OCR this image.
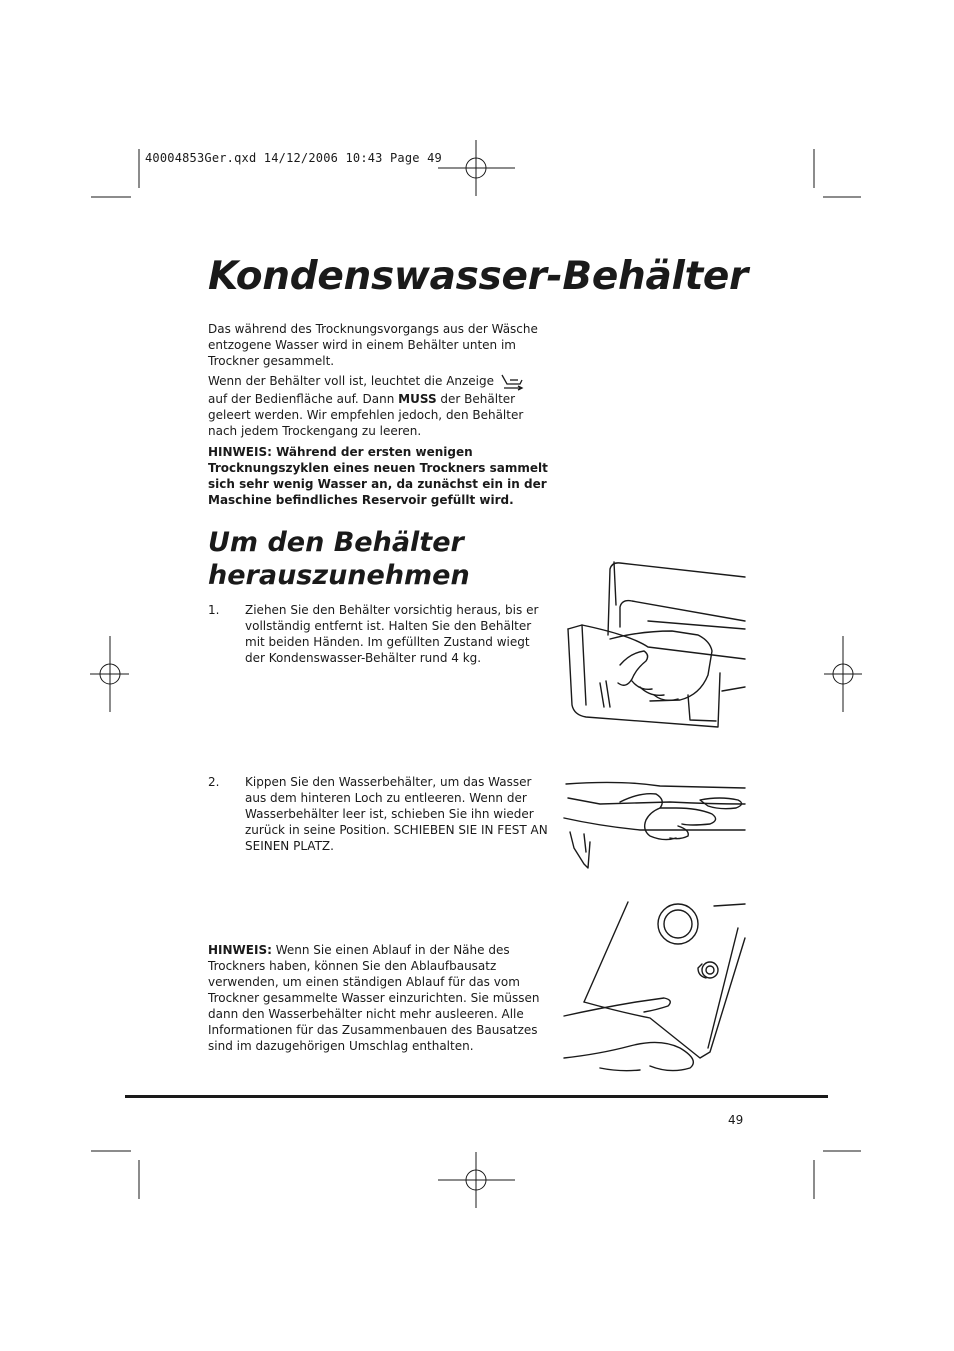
40004853Ger.qxd 14/12/2006 10:43 Page 49
Kondenswasser-Behälter

Das während des Trocknungsvorgangs aus der Wäsche entzogene Wasser wird in einem Behälter unten im Trockner gesammelt.

Wenn der Behälter voll ist, leuchtet die Anzeige

auf der Bedienfläche auf. Dann MUSS der Behälter geleert werden. Wir empfehlen jedoch, den Behälter nach jedem Trockengang zu leeren.

HINWEIS: Während der ersten wenigen Trocknungszyklen eines neuen Trockners sammelt sich sehr wenig Wasser an, da zunächst ein in der Maschine befindliches Reservoir gefüllt wird.

Um den Behälter herauszunehmen
1.	Ziehen Sie den Behälter vorsichtig heraus, bis er vollständig entfernt ist. Halten Sie den Behälter mit beiden Händen. Im gefüllten Zustand wiegt der Kondenswasser-Behälter rund 4 kg.
2.	Kippen Sie den Wasserbehälter, um das Wasser aus dem hinteren Loch zu entleeren. Wenn der Wasserbehälter leer ist, schieben Sie ihn wieder zurück in seine Position. SCHIEBEN SIE IN FEST AN SEINEN PLATZ.
HINWEIS: Wenn Sie einen Ablauf in der Nähe des Trockners haben, können Sie den Ablaufbausatz verwenden, um einen ständigen Ablauf für das vom Trockner gesammelte Wasser einzurichten. Sie müssen dann den Wasserbehälter nicht mehr ausleeren. Alle Informationen für das Zusammenbauen des Bausatzes sind im dazugehörigen Umschlag enthalten.
49
